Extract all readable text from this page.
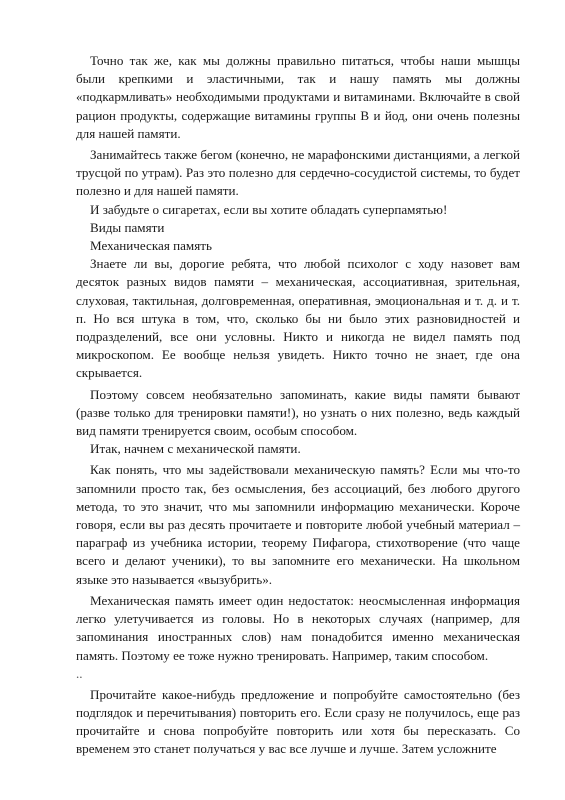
Точно так же, как мы должны правильно питаться, чтобы наши мышцы были крепкими и эластичными, так и нашу память мы должны «подкармливать» необходимыми продуктами и витаминами. Включайте в свой рацион продукты, содержащие витамины группы В и йод, они очень полезны для нашей памяти.

Занимайтесь также бегом (конечно, не марафонскими дистанциями, а легкой трусцой по утрам). Раз это полезно для сердечно-сосудистой системы, то будет полезно и для нашей памяти.

И забудьте о сигаретах, если вы хотите обладать суперпамятью!

Виды памяти

Механическая память

Знаете ли вы, дорогие ребята, что любой психолог с ходу назовет вам десяток разных видов памяти – механическая, ассоциативная, зрительная, слуховая, тактильная, долговременная, оперативная, эмоциональная и т. д. и т. п. Но вся штука в том, что, сколько бы ни было этих разновидностей и подразделений, все они условны. Никто и никогда не видел память под микроскопом. Ее вообще нельзя увидеть. Никто точно не знает, где она скрывается.

Поэтому совсем необязательно запоминать, какие виды памяти бывают (разве только для тренировки памяти!), но узнать о них полезно, ведь каждый вид памяти тренируется своим, особым способом.

Итак, начнем с механической памяти.

Как понять, что мы задействовали механическую память? Если мы что-то запомнили просто так, без осмысления, без ассоциаций, без любого другого метода, то это значит, что мы запомнили информацию механически. Короче говоря, если вы раз десять прочитаете и повторите любой учебный материал – параграф из учебника истории, теорему Пифагора, стихотворение (что чаще всего и делают ученики), то вы запомните его механически. На школьном языке это называется «вызубрить».

Механическая память имеет один недостаток: неосмысленная информация легко улетучивается из головы. Но в некоторых случаях (например, для запоминания иностранных слов) нам понадобится именно механическая память. Поэтому ее тоже нужно тренировать. Например, таким способом.

..

Прочитайте какое-нибудь предложение и попробуйте самостоятельно (без подглядок и перечитывания) повторить его. Если сразу не получилось, еще раз прочитайте и снова попробуйте повторить или хотя бы пересказать. Со временем это станет получаться у вас все лучше и лучше. Затем усложните
